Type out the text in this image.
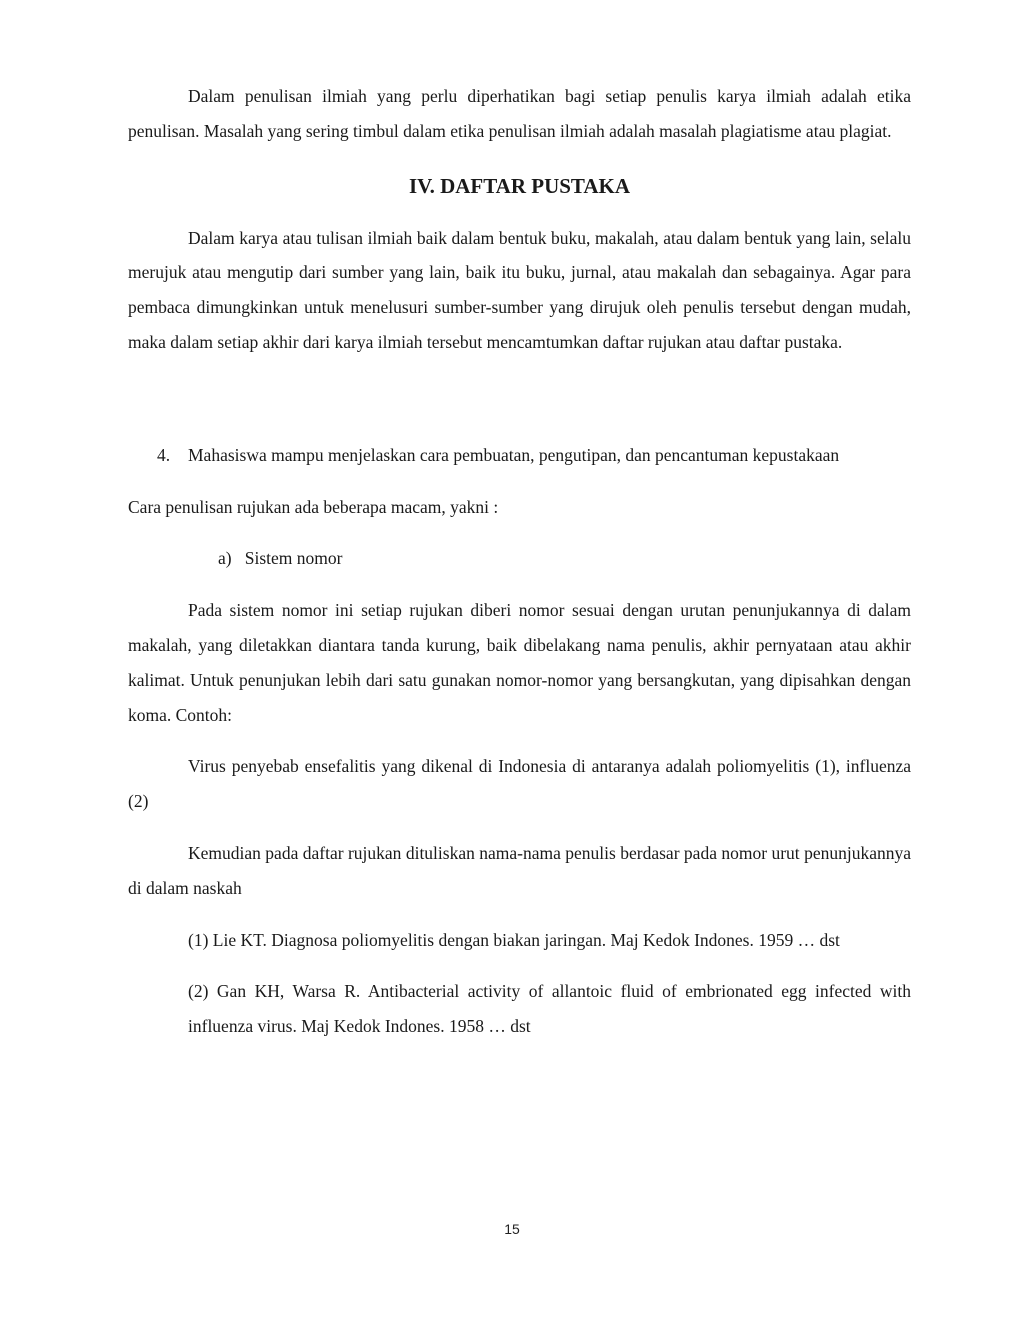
Dalam penulisan ilmiah yang perlu diperhatikan bagi setiap penulis karya ilmiah adalah etika penulisan. Masalah yang sering timbul dalam etika penulisan ilmiah adalah masalah plagiatisme atau plagiat.

IV. DAFTAR PUSTAKA

Dalam karya atau tulisan ilmiah baik dalam bentuk buku, makalah, atau dalam bentuk yang lain, selalu merujuk atau mengutip dari sumber yang lain, baik itu buku, jurnal, atau makalah dan sebagainya. Agar para pembaca dimungkinkan untuk menelusuri sumber-sumber yang dirujuk oleh penulis tersebut dengan mudah, maka dalam setiap akhir dari karya ilmiah tersebut mencamtumkan daftar rujukan atau daftar pustaka.

4. Mahasiswa mampu menjelaskan cara pembuatan, pengutipan, dan pencantuman kepustakaan

Cara penulisan rujukan ada beberapa macam, yakni :

a) Sistem nomor

Pada sistem nomor ini setiap rujukan diberi nomor sesuai dengan urutan penunjukannya di dalam makalah, yang diletakkan diantara tanda kurung, baik dibelakang nama penulis, akhir pernyataan atau akhir kalimat. Untuk penunjukan lebih dari satu gunakan nomor-nomor yang bersangkutan, yang dipisahkan dengan koma. Contoh:

Virus penyebab ensefalitis yang dikenal di Indonesia di antaranya adalah poliomyelitis (1), influenza (2)

Kemudian pada daftar rujukan dituliskan nama-nama penulis berdasar pada nomor urut penunjukannya di dalam naskah

(1) Lie KT. Diagnosa poliomyelitis dengan biakan jaringan. Maj Kedok Indones. 1959 … dst

(2) Gan KH, Warsa R. Antibacterial activity of allantoic fluid of embrionated egg infected with influenza virus. Maj Kedok Indones. 1958 … dst

15
